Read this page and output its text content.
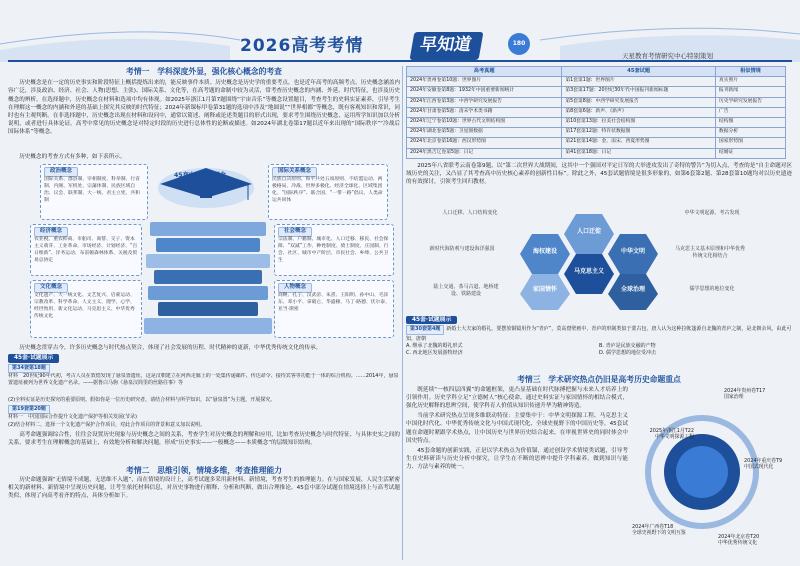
2026高考考情	早知道	180
天星教育考情研究中心特别策划
考情一　学科深度外显，强化核心概念的考查

历史概念是在一定的历史事实和阶段特征上概括提炼出来的，能反映事件本质。历史概念是历史学的重要考点，也是近年高考的高频考点。历史概念涵盖内容广泛，涉及政治、经济、社会、人物(思想、主张)、国际关系、文化等，在高考题的命制中较为灵活，常考查历史概念的内涵、外延、时代特征，也涉及历史概念的辨析。在选择题中，历史概念在材料和选项中均有体现。如2025年浙江1月第7题围绕“宇宙音乐”等概念设置题目，考查考生的史料实证素养，引导考生在理解这一概念的内涵和外延的基础上探究其反映的时代特征；2024年新课标甲卷第31题的选项中涉及“地圆说”“世界相都”等概念，既有客观知识和常识，同时也有主观判断。在非选择题中，历史概念出现在材料和设问中，通常以简述、阐释或论述类题目的形式出现，要求考生围绕历史概念，运用所学知识加以分析说明，或者进行具体论证。高考中常见的历史概念是对特定时段的历史进行总体性的论断或描述。如2024年湖北卷第17题以近年来出现的“国际秩序”“冷战后国际体系”等概念。

历史概念的考查方式有多种，如下表所示。

45套中的核心概念
政治概念
国际关系、郡县制、宰相制度、科举制、行省制、内阁、军机处、宗藩体制、民族区域自治、议会、联邦制、大一统、君主立宪、共和制
国际关系概念
民族自决原则、和平共处五项原则、不结盟运动、两极格局、冷战、世界多极化、经济全球化、区域集团化、“国际秩序”、联合国、“一带一路”倡议、人类命运共同体
经济概念
农业税、重农抑商、市舶司、商帮、交子、资本主义萌芽、工业革命、市场经济、计划经济、“百日维新”、洋务运动、布雷顿森林体系、关税及贸易总协定
社会概念
宗法制、户籍制、城市化、人口迁移、移民、社会保障、“双减”工作、种姓制度、骑士制度、庄园制、行会、社区、城市中产阶层、市民社会、乡绅、公共卫生
文化概念
文化遗产、大一统文化、文艺复兴、启蒙运动、宗教改革、科学革命、人文主义、理学、心学、经世致用、新文化运动、马克思主义、中华优秀传统文化
人物概念
商鞅、孔子、汉武帝、朱熹、王阳明、孙中山、毛泽东、邓小平、拿破仑、华盛顿、马丁·路德、伏尔泰、亚当·斯密

历史概念贯穿古今，许多历史概念与时代热点契合，体现了社会发展的历程、时代精神的更新，中华优秀传统文化的传承。

45套·试题展示
第34套第18题

材料　20世纪90年代初，考古人员在敦煌发现了悬泉置遗址，这是汉朝建立在河西走廊上的一处集传递邮件、传达命令、接待宾客等功能于一体的综合机构。……2014年，悬泉置遗址被列为世界文化遗产名录。——据鲁白马驹《悬泉汉简里的丝路往事》等

(2)全料实证是历史探究的重要原则。假如你是一位历史研究者，请结合材料与所学知识，以“悬泉置”为主题，开展探究。

第19套第20题

材料一　中国国际合作提升文化遗产保护等相关发展(节录)

(2)结合材料二，选择一个文化遗产保护合作项目，对此合作项目的背景和意义加以说明。

高考命题强调综合性，往往会设置历史现象与历史概念之间的关系，考查学生对历史概念的理解和应用，比如考查历史概念与时代特征、与具体史实之间的关系，要求考生在理解概念的基础上，有效地分析和解决问题，形成“历史事实——一般概念——本质概念”的层级知识结构。

考情二　思维引领，情境多维，考查推理能力

历史命题强调“无情境不成题，无思维不入题”，而在情境的设计上，高考试题多采用新材料、新情境，考查考生的推理能力。在与国家发展、人民生活紧密相关的新材料、新情境中呈现历史问题，让考生依托材料信息，对历史事物进行解释、分析和判断，做出合理推论。45套中部分试题在情境选择上与高考试题类似，体现了向高考看齐的特点，具体分析如下。

高考真题	45套试题	相似情境
2024年贵州卷第10题：世界图片	第1套第1题：世界图片	真实照片
2024年安徽卷第8题：1932年中国重要新闻统计	第3套第17题：20世纪30年代中国报刊新闻标题	报刊新闻
2024年江西卷第3题：中西学研究发展报告	第5套第8题：中西学研究发展报告	历史学研究发展报告
2024年甘肃卷第5题：清末学术类书籍	第8套第6题：新声、《新声》	广告
2024年辽宁卷第10题：世界古代文明结构图	第10套第13题：拉美社会结构图	结构图
2024年湖北卷第5题：卫星图数据	第17套第12题：特许状数据图	数据分析
2024年北京卷第16题：西汉形势图	第21套第14题：金、南宋、西夏形势图	国家形势图
2024年黑吉辽卷第5题：日记	第41套第18题：日记	结婚证

2025年八省联考云南卷第9题，以“第二次世界大战期间，这其中一个强国对平定日军的大举进攻发出了奇特的警告”为切入点，考查的是“自主命题对区域历史的关注，又凸显了其考查高中历史核心素养的创新性目标”。除此之外，45套试题情境是很多形象的，如第6套第2题、第28套第10题均对以历史遗迹的有效探讨，引领考生回归教材。

人口迁徙
中华文明
海权建设
马克思主义
家国情怀	全球治理
人口迁移、人口结构变化	中华文明起源、考古发现
新时代海防观与建设海洋强国	马克思主义基本原理和中华优秀传统文化相结合
陆上交通、茶马古道、地桥建设、铁路建设
儒学思想的地位变化
45套·试题展示
第30套第4题 新婚士大夫家的婚礼，要摆放铜镜用作为“青庐”，莫高窟壁画中，青庐的形制类似于蒙古包，唐人认为这种拉帐篷源自北魏的青庐之制，是北朝余风，由此可知，唐朝
A. 继承了北魏的婚礼形式	B. 青庐是民族交融的产物
C. 西北地区发展游牧经济	D. 儒学思想的地位受冲击
考情三　学术研究热点仍旧是高考历史命题重点

既延续“一核四层四翼”的命题框架，更凸显基础在时代脉搏把握与未来人才培养上的引领作用。历史学科立足“立德树人”核心使命，通过史料实证与家国情怀的相结合模式，强化历史解释的思辨空间，使学科育人价值从知识传递升华为精神铸造。

当前学术研究热点呈现多维联动特征：主要集中于：中华文明探源工程、马克思主义中国化时代化、中华优秀传统文化与中国式现代化、全球史视野下的中国历史等。45套试题在命题时紧跟学术热点，让中国历史与世界历史结合起来，在审视世界史的同时体会中国史特点。

45套命题的创新实践，正是以学术热点为价值锚，通过创设学术情境类试题，引导考生在史料研读与历史分析中探究，让学生在不断的思辨中提升学科素养，做到知识与能力、方法与素养的统一。

2024年贵州卷T17
国家治理
2025年浙江1月T22
中华文明探源工程
2024年重庆卷T9
中国式现代化
2024年广西卷T18
全球史视野下的文明互鉴
2024年北京卷T20
中华优秀传统文化
